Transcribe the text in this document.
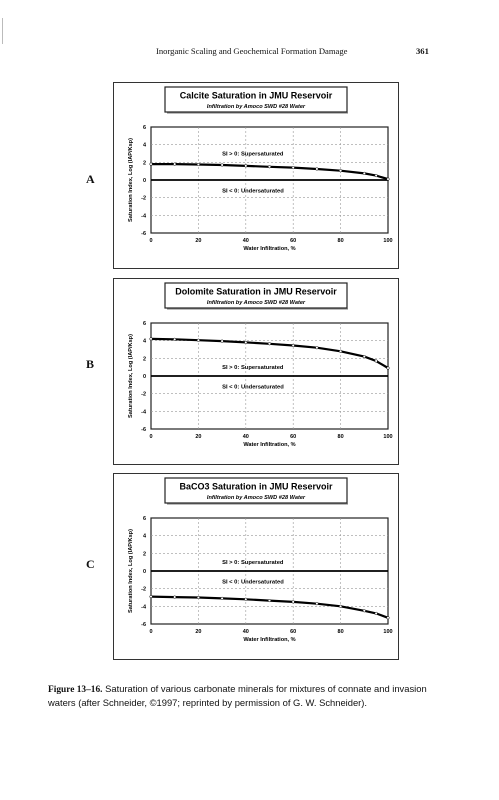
Inorganic Scaling and Geochemical Formation Damage	361
A
Calcite Saturation in JMU Reservoir
Infiltration by Amoco SWD #28 Water
SI > 0: Supersaturated
SI < 0: Undersaturated
6
4
2
0
-2
-4
-6
0	20	40	60	80	100
Water Infiltration, %
Saturation Index, Log (IAP/Ksp)
B
Dolomite Saturation in JMU Reservoir
Infiltration by Amoco SWD #28 Water
SI > 0: Supersaturated
SI < 0: Undersaturated
6
4
2
0
-2
-4
-6
0	20	40	60	80	100
Water Infiltration, %
Saturation Index, Log (IAP/Ksp)
C
BaCO3 Saturation in JMU Reservoir
Infiltration by Amoco SWD #28 Water
SI > 0: Supersaturated
SI < 0: Undersaturated
6
4
2
0
-2
-4
-6
0	20	40	60	80	100
Water Infiltration, %
Saturation Index, Log (IAP/Ksp)
Figure 13–16. Saturation of various carbonate minerals for mixtures of connate and invasion waters (after Schneider, ©1997; reprinted by permission of G. W. Schneider).
